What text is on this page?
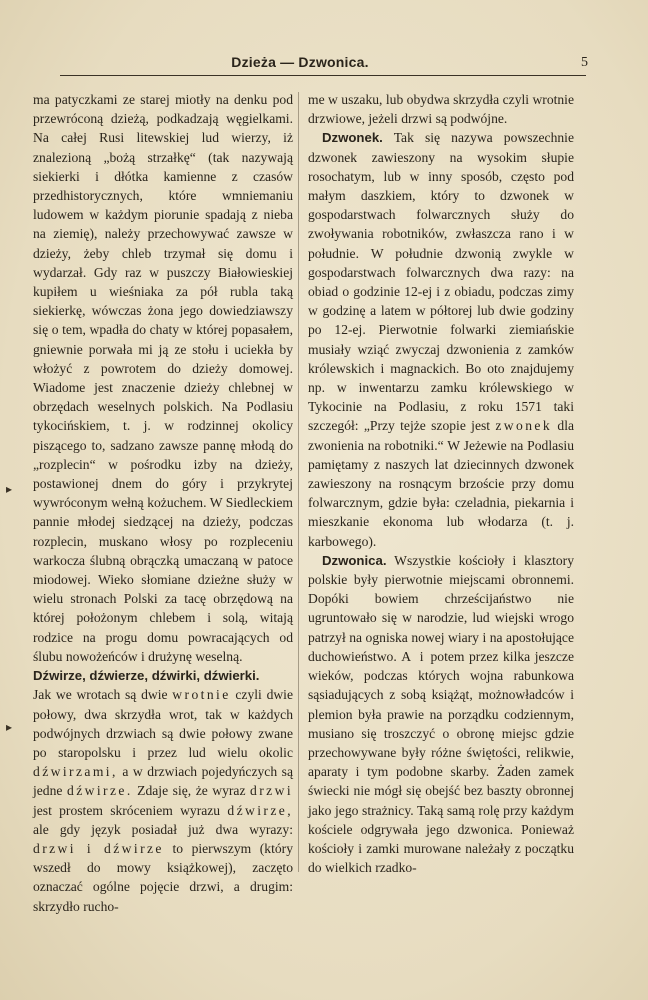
Dzieża — Dzwonica.	5

ma patyczkami ze starej miotły na denku pod przewróconą dzieżą, podkadzają węgielkami. Na całej Rusi litewskiej lud wierzy, iż znalezioną „bożą strzałkę“ (tak nazywają siekierki i dłótka kamienne z czasów przedhistorycznych, które wmniemaniu ludowem w każdym piorunie spadają z nieba na ziemię), należy przechowywać zawsze w dzieży, żeby chleb trzymał się domu i wydarzał. Gdy raz w puszczy Białowieskiej kupiłem u wieśniaka za pół rubla taką siekierkę, wówczas żona jego dowiedziawszy się o tem, wpadła do chaty w której popasałem, gniewnie porwała mi ją ze stołu i uciekła by włożyć z powrotem do dzieży domowej. Wiadome jest znaczenie dzieży chlebnej w obrzędach weselnych polskich. Na Podlasiu tykocińskiem, t. j. w rodzinnej okolicy piszącego to, sadzano zawsze pannę młodą do „rozplecin“ w pośrodku izby na dzieży, postawionej dnem do góry i przykrytej wywróconym wełną kożuchem. W Siedleckiem pannie młodej siedzącej na dzieży, podczas rozplecin, muskano włosy po rozpleceniu warkocza ślubną obrączką umaczaną w patoce miodowej. Wieko słomiane dzieżne służy w wielu stronach Polski za tacę obrzędową na której położonym chlebem i solą, witają rodzice na progu domu powracających od ślubu nowożeńców i drużynę weselną.

Dźwirze, dźwierze, dźwirki, dźwierki.
Jak we wrotach są dwie wrotnie czyli dwie połowy, dwa skrzydła wrot, tak w każdych podwójnych drzwiach są dwie połowy zwane po staropolsku i przez lud wielu okolic dźwirzami, a w drzwiach pojedyńczych są jedne dźwirze. Zdaje się, że wyraz drzwi jest prostem skróceniem wyrazu dźwirze, ale gdy język posiadał już dwa wyrazy: drzwi i dźwirze to pierwszym (który wszedł do mowy książkowej), zaczęto oznaczać ogólne pojęcie drzwi, a drugim: skrzydło rucho-

me w uszaku, lub obydwa skrzydła czyli wrotnie drzwiowe, jeżeli drzwi są podwójne.

Dzwonek. Tak się nazywa powszechnie dzwonek zawieszony na wysokim słupie rosochatym, lub w inny sposób, często pod małym daszkiem, który to dzwonek w gospodarstwach folwarcznych służy do zwoływania robotników, zwłaszcza rano i w południe. W południe dzwonią zwykle w gospodarstwach folwarcznych dwa razy: na obiad o godzinie 12-ej i z obiadu, podczas zimy w godzinę a latem w półtorej lub dwie godziny po 12-ej. Pierwotnie folwarki ziemiańskie musiały wziąć zwyczaj dzwonienia z zamków królewskich i magnackich. Bo oto znajdujemy np. w inwentarzu zamku królewskiego w Tykocinie na Podlasiu, z roku 1571 taki szczegół: „Przy tejże szopie jest zwonek dla zwonienia na robotniki.“ W Jeżewie na Podlasiu pamiętamy z naszych lat dziecinnych dzwonek zawieszony na rosnącym brzoście przy domu folwarcznym, gdzie była: czeladnia, piekarnia i mieszkanie ekonoma lub włodarza (t. j. karbowego).

Dzwonica. Wszystkie kościoły i klasztory polskie były pierwotnie miejscami obronnemi. Dopóki bowiem chrześcijaństwo nie ugruntowało się w narodzie, lud wiejski wrogo patrzył na ogniska nowej wiary i na apostołujące duchowieństwo. A i potem przez kilka jeszcze wieków, podczas których wojna rabunkowa sąsiadujących z sobą książąt, możnowładców i plemion była prawie na porządku codziennym, musiano się troszczyć o obronę miejsc gdzie przechowywane były różne świętości, relikwie, aparaty i tym podobne skarby. Żaden zamek świecki nie mógł się obejść bez baszty obronnej jako jego strażnicy. Taką samą rolę przy każdym kościele odgrywała jego dzwonica. Ponieważ kościoły i zamki murowane należały z początku do wielkich rzadko-

▸
▸
